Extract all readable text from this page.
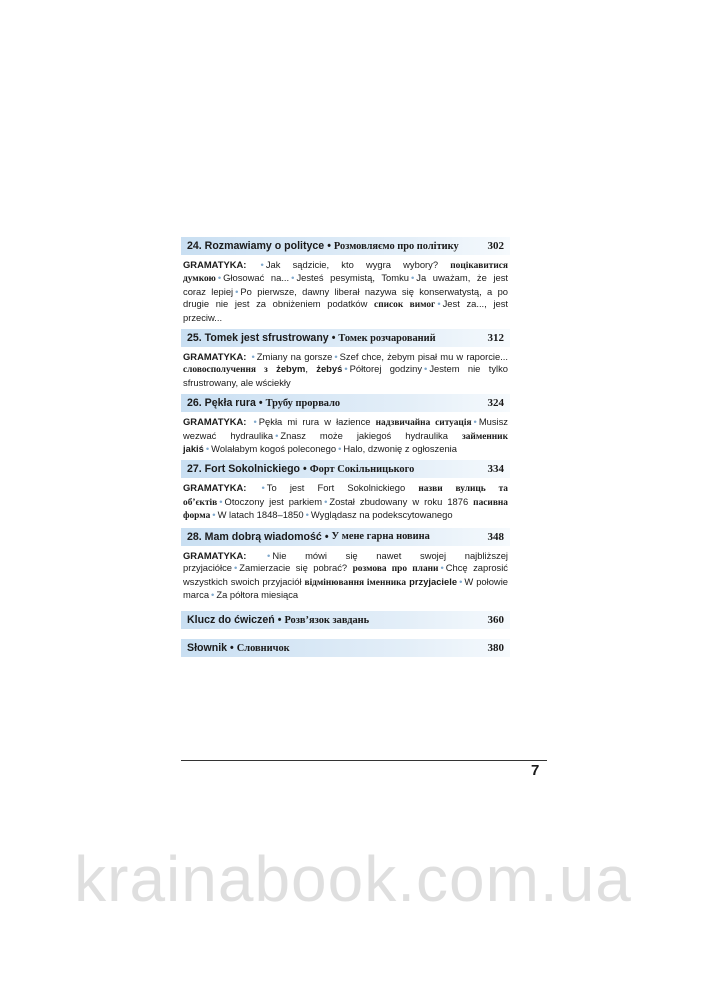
24. Rozmawiamy o polityce • Розмовляємо про політику	302
GRAMATYKA: • Jak sądzicie, kto wygra wybory? поцікавитися думкою • Głosować na... • Jesteś pesymistą, Tomku • Ja uważam, że jest coraz lepiej • Po pierwsze, dawny liberał nazywa się konserwatystą, a po drugie nie jest za obniżeniem podatków список вимог • Jest za..., jest przeciw...
25. Tomek jest sfrustrowany • Томек розчарований	312
GRAMATYKA: • Zmiany na gorsze • Szef chce, żebym pisał mu w raporcie... словосполучення з żebym, żebyś • Półtorej godziny • Jestem nie tylko sfrustrowany, ale wściekły
26. Pękła rura • Трубу прорвало	324
GRAMATYKA: • Pękła mi rura w łazience надзвичайна ситуація • Musisz wezwać hydraulika • Znasz może jakiegoś hydraulika займенник jakiś • Wolałabym kogoś poleconego • Halo, dzwonię z ogłoszenia
27. Fort Sokolnickiego • Форт Сокільницького	334
GRAMATYKA: • To jest Fort Sokolnickiego назви вулиць та об’єктів • Otoczony jest parkiem • Został zbudowany w roku 1876 пасивна форма • W latach 1848–1850 • Wyglądasz na podekscytowanego
28. Mam dobrą wiadomość • У мене гарна новина	348
GRAMATYKA: • Nie mówi się nawet swojej najbliższej przyjaciółce • Zamierzacie się pobrać? розмова про плани • Chcę zaprosić wszystkich swoich przyjaciół відмінювання іменника przyjaciele • W połowie marca • Za półtora miesiąca
Klucz do ćwiczeń • Розв’язок завдань	360
Słownik • Словничок	380
7
krainabook.com.ua
